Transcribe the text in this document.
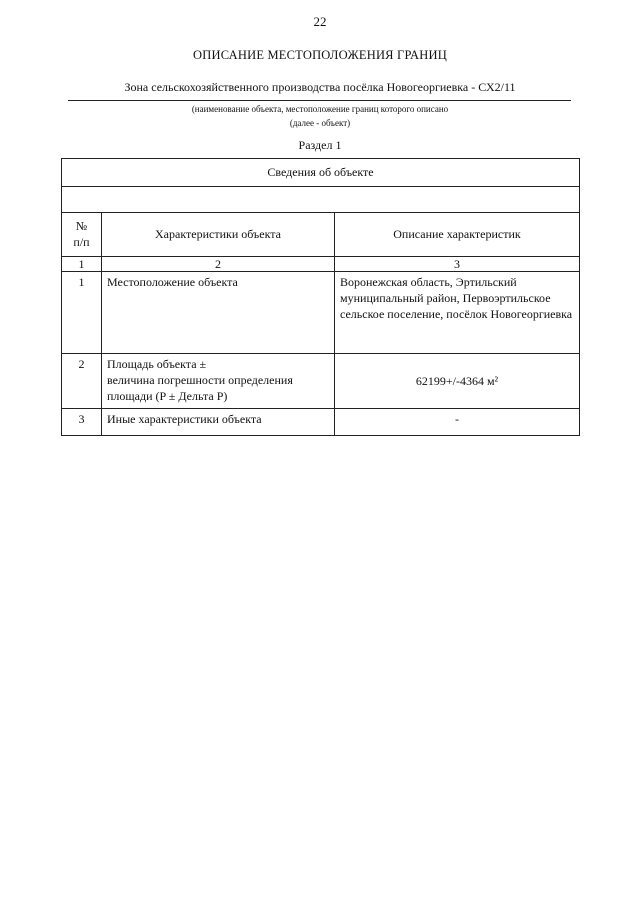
22
ОПИСАНИЕ МЕСТОПОЛОЖЕНИЯ ГРАНИЦ
Зона сельскохозяйственного производства посёлка Новогеоргиевка - СХ2/11
(наименование объекта, местоположение границ которого описано
(далее - объект)
Раздел 1
Сведения об объекте
№
п/п	Характеристики объекта	Описание характеристик
1	2	3
1	Местоположение объекта	Воронежская область, Эртильский муниципальный район, Первоэртильское сельское поселение, посёлок Новогеоргиевка
2	Площадь объекта ±
величина погрешности определения
площади (P ± Дельта P)	62199+/-4364 м²
3	Иные характеристики объекта	-
